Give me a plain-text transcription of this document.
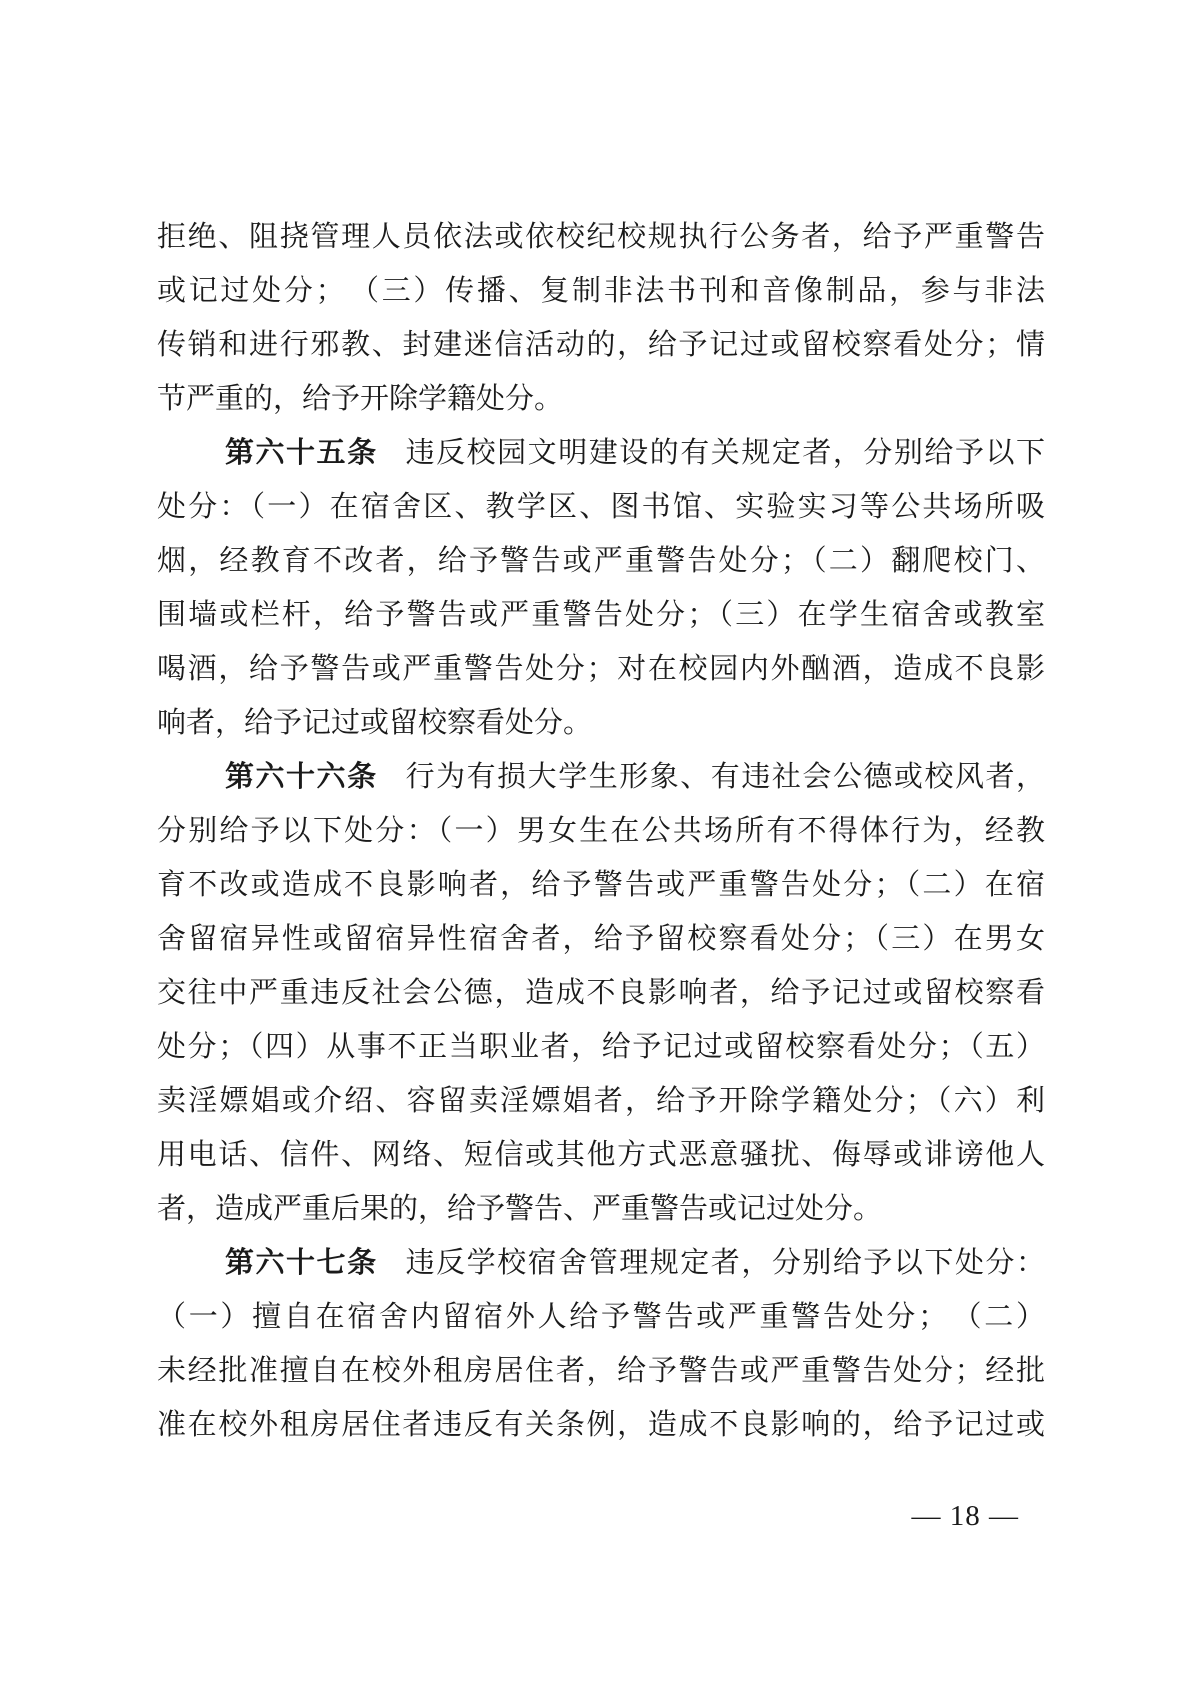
拒绝、阻挠管理人员依法或依校纪校规执行公务者，给予严重警告
或记过处分；　（三）传播、复制非法书刊和音像制品，参与非法
传销和进行邪教、封建迷信活动的，给予记过或留校察看处分；情
节严重的，给予开除学籍处分。
第六十五条 违反校园文明建设的有关规定者，分别给予以下
处分：（一）在宿舍区、教学区、图书馆、实验实习等公共场所吸
烟，经教育不改者，给予警告或严重警告处分；（二）翻爬校门、
围墙或栏杆，给予警告或严重警告处分；（三）在学生宿舍或教室
喝酒，给予警告或严重警告处分；对在校园内外酗酒，造成不良影
响者，给予记过或留校察看处分。
第六十六条 行为有损大学生形象、有违社会公德或校风者，
分别给予以下处分：（一）男女生在公共场所有不得体行为，经教
育不改或造成不良影响者，给予警告或严重警告处分；（二）在宿
舍留宿异性或留宿异性宿舍者，给予留校察看处分；（三）在男女
交往中严重违反社会公德，造成不良影响者，给予记过或留校察看
处分；（四）从事不正当职业者，给予记过或留校察看处分；（五）
卖淫嫖娼或介绍、容留卖淫嫖娼者，给予开除学籍处分；（六）利
用电话、信件、网络、短信或其他方式恶意骚扰、侮辱或诽谤他人
者，造成严重后果的，给予警告、严重警告或记过处分。
第六十七条 违反学校宿舍管理规定者，分别给予以下处分：
（一）擅自在宿舍内留宿外人给予警告或严重警告处分；　（二）
未经批准擅自在校外租房居住者，给予警告或严重警告处分；经批
准在校外租房居住者违反有关条例，造成不良影响的，给予记过或
— 18 —
